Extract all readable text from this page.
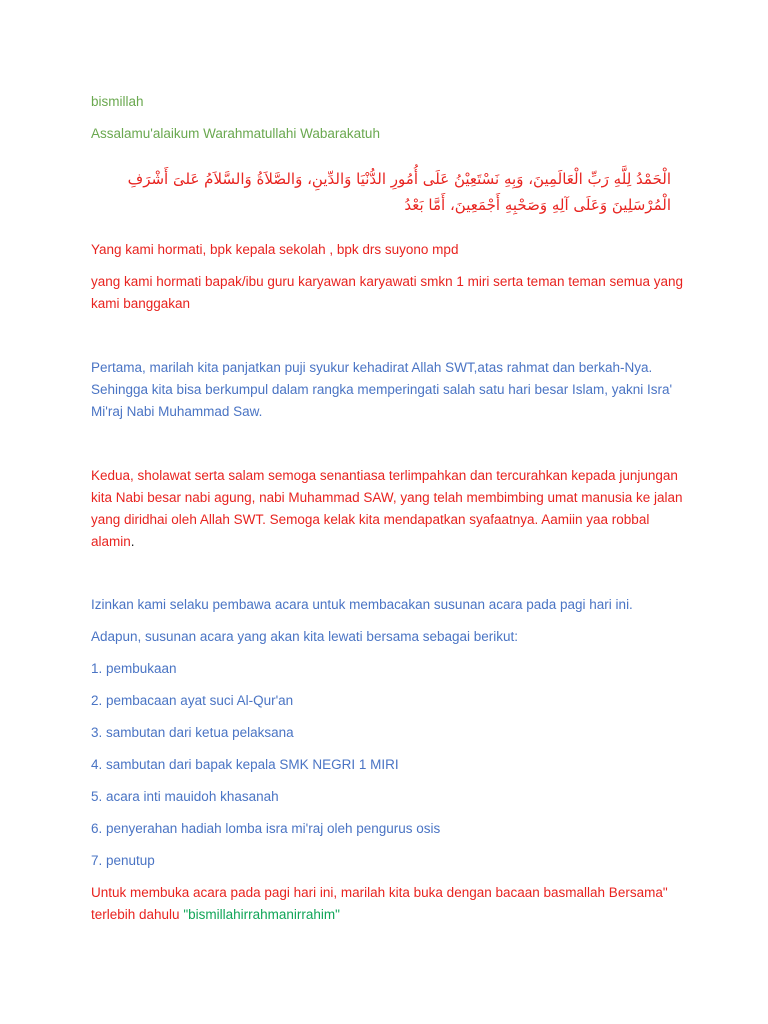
bismillah

Assalamu'alaikum Warahmatullahi Wabarakatuh

الْحَمْدُ لِلَّهِ رَبِّ الْعَالَمِينَ، وَبِهِ نَسْتَعِيْنُ عَلَى أُمُورِ الدُّنْيَا وَالدِّينِ، وَالصَّلاَةُ وَالسَّلاَمُ عَلىَ أَشْرَفِ الْمُرْسَلِينَ وَعَلَى آلِهِ وَصَحْبِهِ أَجْمَعِينَ، أَمَّا بَعْدُ

Yang kami hormati, bpk kepala sekolah , bpk drs suyono mpd

yang kami hormati bapak/ibu guru karyawan karyawati smkn 1 miri serta teman teman semua yang kami banggakan

Pertama, marilah kita panjatkan puji syukur kehadirat Allah SWT,atas rahmat dan berkah-Nya. Sehingga kita bisa berkumpul dalam rangka memperingati salah satu hari besar Islam, yakni Isra' Mi'raj Nabi Muhammad Saw.

Kedua, sholawat serta salam semoga senantiasa terlimpahkan dan tercurahkan kepada junjungan kita Nabi besar nabi agung, nabi Muhammad SAW, yang telah membimbing umat manusia ke jalan yang diridhai oleh Allah SWT. Semoga kelak kita mendapatkan syafaatnya. Aamiin yaa robbal alamin.

Izinkan kami selaku pembawa acara untuk membacakan susunan acara pada pagi hari ini.

Adapun, susunan acara yang akan kita lewati bersama sebagai berikut:

1. pembukaan

2. pembacaan ayat suci Al-Qur'an

3. sambutan dari ketua pelaksana

4. sambutan dari bapak kepala SMK NEGRI 1 MIRI

5. acara inti mauidoh khasanah

6. penyerahan hadiah lomba isra mi'raj oleh pengurus osis

7. penutup

Untuk membuka acara pada pagi hari ini, marilah kita buka dengan bacaan basmallah Bersama" terlebih dahulu "bismillahirrahmanirrahim"
